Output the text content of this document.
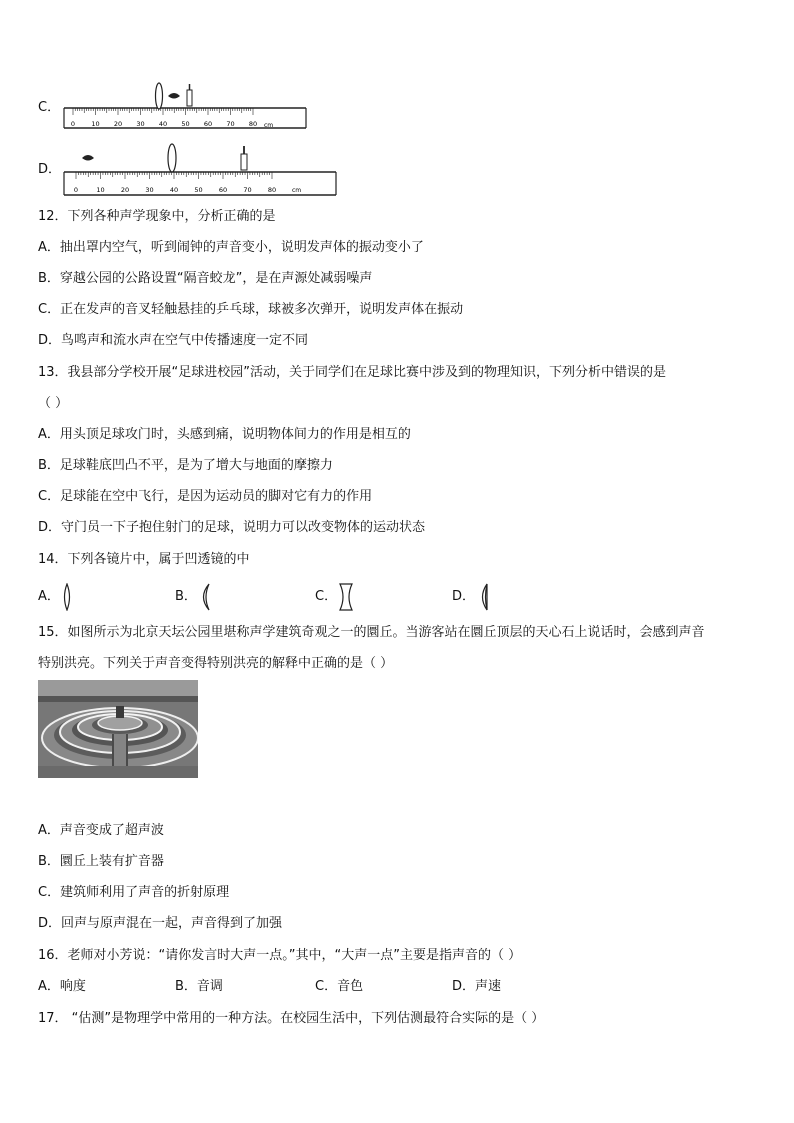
C．
0	10 20 30 40 50 60 70 80 cm
D．
0	10 20 30 40 50 60 70 80	cm
12．下列各种声学现象中，分析正确的是
A．抽出罩内空气，听到闹钟的声音变小，说明发声体的振动变小了
B．穿越公园的公路设置“隔音蛟龙”，是在声源处减弱噪声
C．正在发声的音叉轻触悬挂的乒乓球，球被多次弹开，说明发声体在振动
D．鸟鸣声和流水声在空气中传播速度一定不同
13．我县部分学校开展“足球进校园”活动，关于同学们在足球比赛中涉及到的物理知识，下列分析中错误的是
（ ）
A．用头顶足球攻门时，头感到痛，说明物体间力的作用是相互的
B．足球鞋底凹凸不平，是为了增大与地面的摩擦力
C．足球能在空中飞行，是因为运动员的脚对它有力的作用
D．守门员一下子抱住射门的足球，说明力可以改变物体的运动状态
14．下列各镜片中，属于凹透镜的中
A．	B．	C．	D．
15．如图所示为北京天坛公园里堪称声学建筑奇观之一的圜丘。当游客站在圜丘顶层的天心石上说话时，会感到声音
特别洪亮。下列关于声音变得特别洪亮的解释中正确的是（ ）
A．声音变成了超声波
B．圜丘上装有扩音器
C．建筑师利用了声音的折射原理
D．回声与原声混在一起，声音得到了加强
16．老师对小芳说：“请你发言时大声一点。”其中，“大声一点”主要是指声音的（ ）
A．响度	B．音调	C．音色	D．声速
17． “估测”是物理学中常用的一种方法。在校园生活中，下列估测最符合实际的是（ ）
